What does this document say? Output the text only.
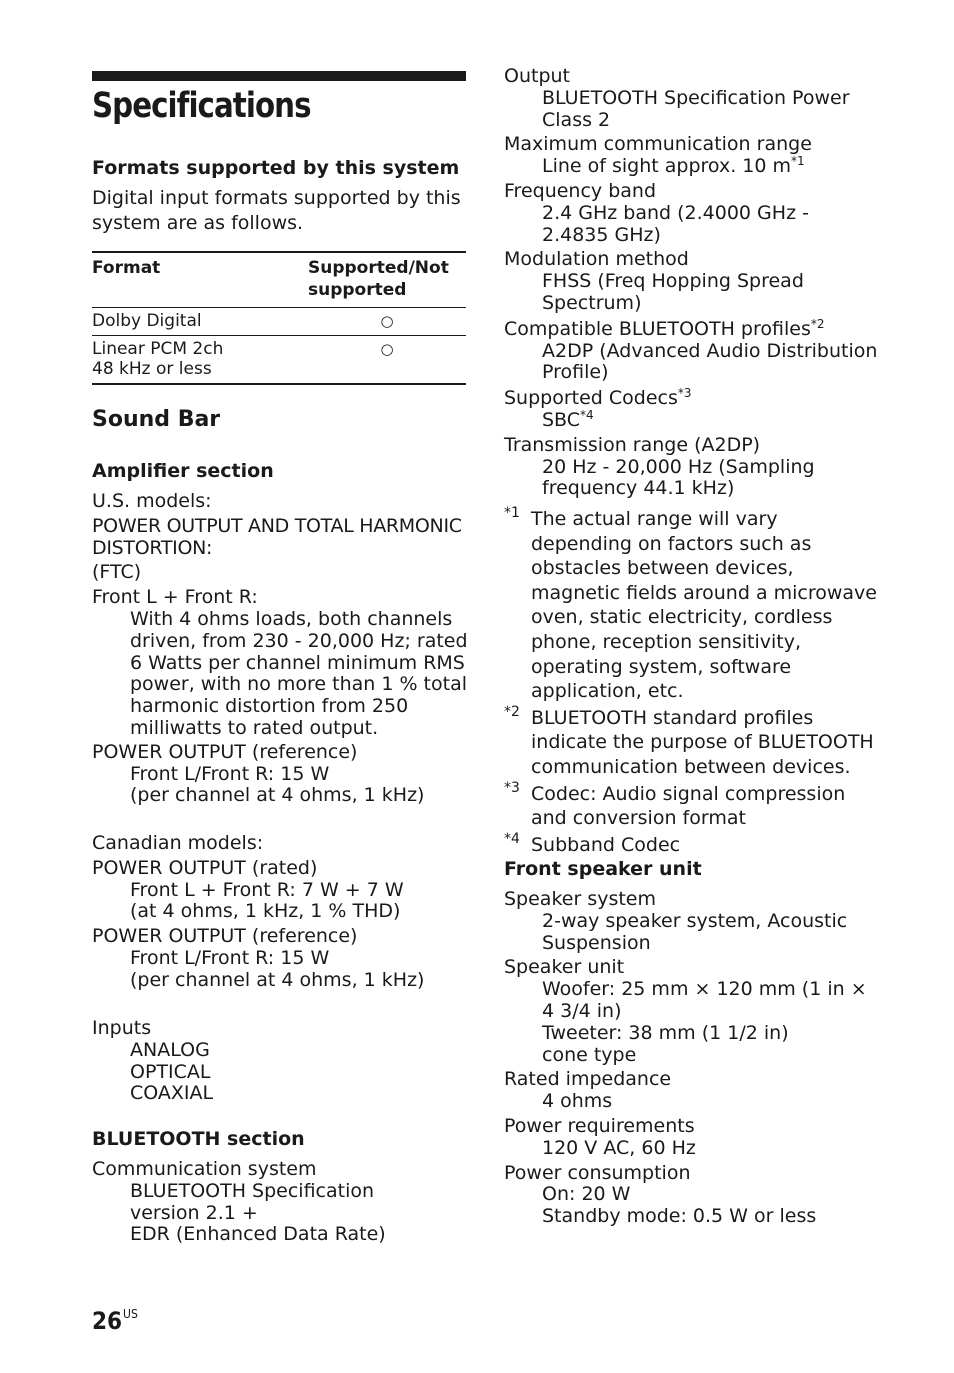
Specifications
Formats supported by this system

Digital input formats supported by this system are as follows.

Format	Supported/Not supported
Dolby Digital	○
Linear PCM 2ch 48 kHz or less	○
Sound Bar
Amplifier section
U.S. models:
POWER OUTPUT AND TOTAL HARMONIC DISTORTION:
(FTC)
Front L + Front R:
With 4 ohms loads, both channels
driven, from 230 - 20,000 Hz; rated
6 Watts per channel minimum RMS
power, with no more than 1 % total
harmonic distortion from 250
milliwatts to rated output.
POWER OUTPUT (reference)
Front L/Front R: 15 W
(per channel at 4 ohms, 1 kHz)
Canadian models:
POWER OUTPUT (rated)
Front L + Front R: 7 W + 7 W
(at 4 ohms, 1 kHz, 1 % THD)
POWER OUTPUT (reference)
Front L/Front R: 15 W
(per channel at 4 ohms, 1 kHz)
Inputs
ANALOG
OPTICAL
COAXIAL
BLUETOOTH section
Communication system
BLUETOOTH Specification
version 2.1 +
EDR (Enhanced Data Rate)
Output
BLUETOOTH Specification Power
Class 2
Maximum communication range
Line of sight approx. 10 $m^{*1}$
Frequency band
2.4 GHz band (2.4000 GHz -
2.4835 GHz)
Modulation method
FHSS (Freq Hopping Spread
Spectrum)
Compatible BLUETOOTH profiles$^{*2}$
A2DP (Advanced Audio Distribution
Profile)
Supported Codecs$^{*3}$
SBC$^{*4}$
Transmission range (A2DP)
20 Hz - 20,000 Hz (Sampling
frequency 44.1 kHz)
*1 The actual range will vary depending on factors such as obstacles between devices, magnetic fields around a microwave oven, static electricity, cordless phone, reception sensitivity, operating system, software application, etc.
*2 BLUETOOTH standard profiles indicate the purpose of BLUETOOTH communication between devices.
*3 Codec: Audio signal compression and conversion format
*4 Subband Codec
Front speaker unit
Speaker system
2-way speaker system, Acoustic
Suspension
Speaker unit
Woofer: 25 mm × 120 mm (1 in ×
4 3/4 in)
Tweeter: 38 mm (1 1/2 in)
cone type
Rated impedance
4 ohms
Power requirements
120 V AC, 60 Hz
Power consumption
On: 20 W
Standby mode: 0.5 W or less
$26^{US}$
